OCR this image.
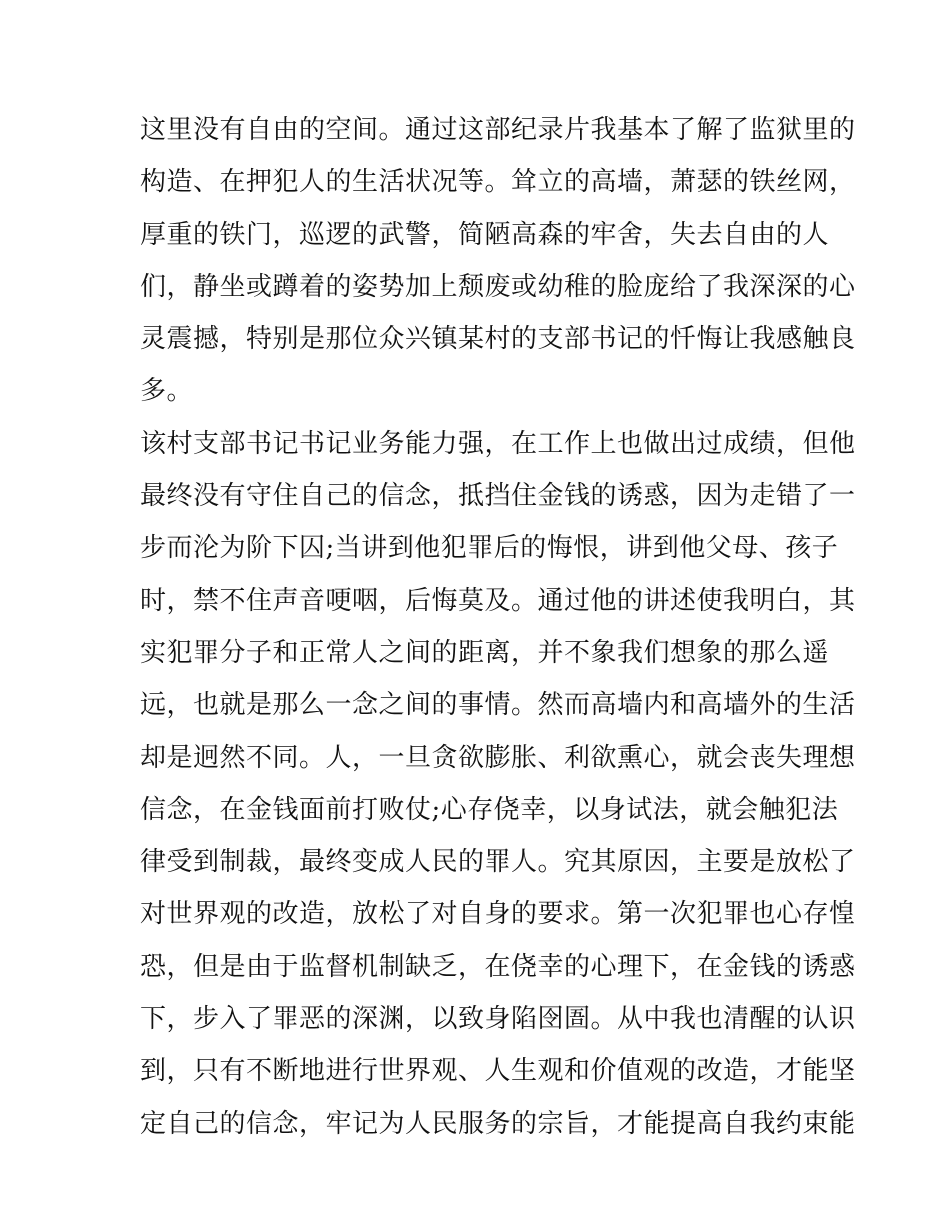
这里没有自由的空间。通过这部纪录片我基本了解了监狱里的
构造、在押犯人的生活状况等。耸立的高墙，萧瑟的铁丝网，
厚重的铁门，巡逻的武警，简陋高森的牢舍，失去自由的人
们，静坐或蹲着的姿势加上颓废或幼稚的脸庞给了我深深的心
灵震撼，特别是那位众兴镇某村的支部书记的忏悔让我感触良
多。
该村支部书记书记业务能力强，在工作上也做出过成绩，但他
最终没有守住自己的信念，抵挡住金钱的诱惑，因为走错了一
步而沦为阶下囚;当讲到他犯罪后的悔恨，讲到他父母、孩子
时，禁不住声音哽咽，后悔莫及。通过他的讲述使我明白，其
实犯罪分子和正常人之间的距离，并不象我们想象的那么遥
远，也就是那么一念之间的事情。然而高墙内和高墙外的生活
却是迥然不同。人，一旦贪欲膨胀、利欲熏心，就会丧失理想
信念，在金钱面前打败仗;心存侥幸，以身试法，就会触犯法
律受到制裁，最终变成人民的罪人。究其原因，主要是放松了
对世界观的改造，放松了对自身的要求。第一次犯罪也心存惶
恐，但是由于监督机制缺乏，在侥幸的心理下，在金钱的诱惑
下，步入了罪恶的深渊，以致身陷囹圄。从中我也清醒的认识
到，只有不断地进行世界观、人生观和价值观的改造，才能坚
定自己的信念，牢记为人民服务的宗旨，才能提高自我约束能
